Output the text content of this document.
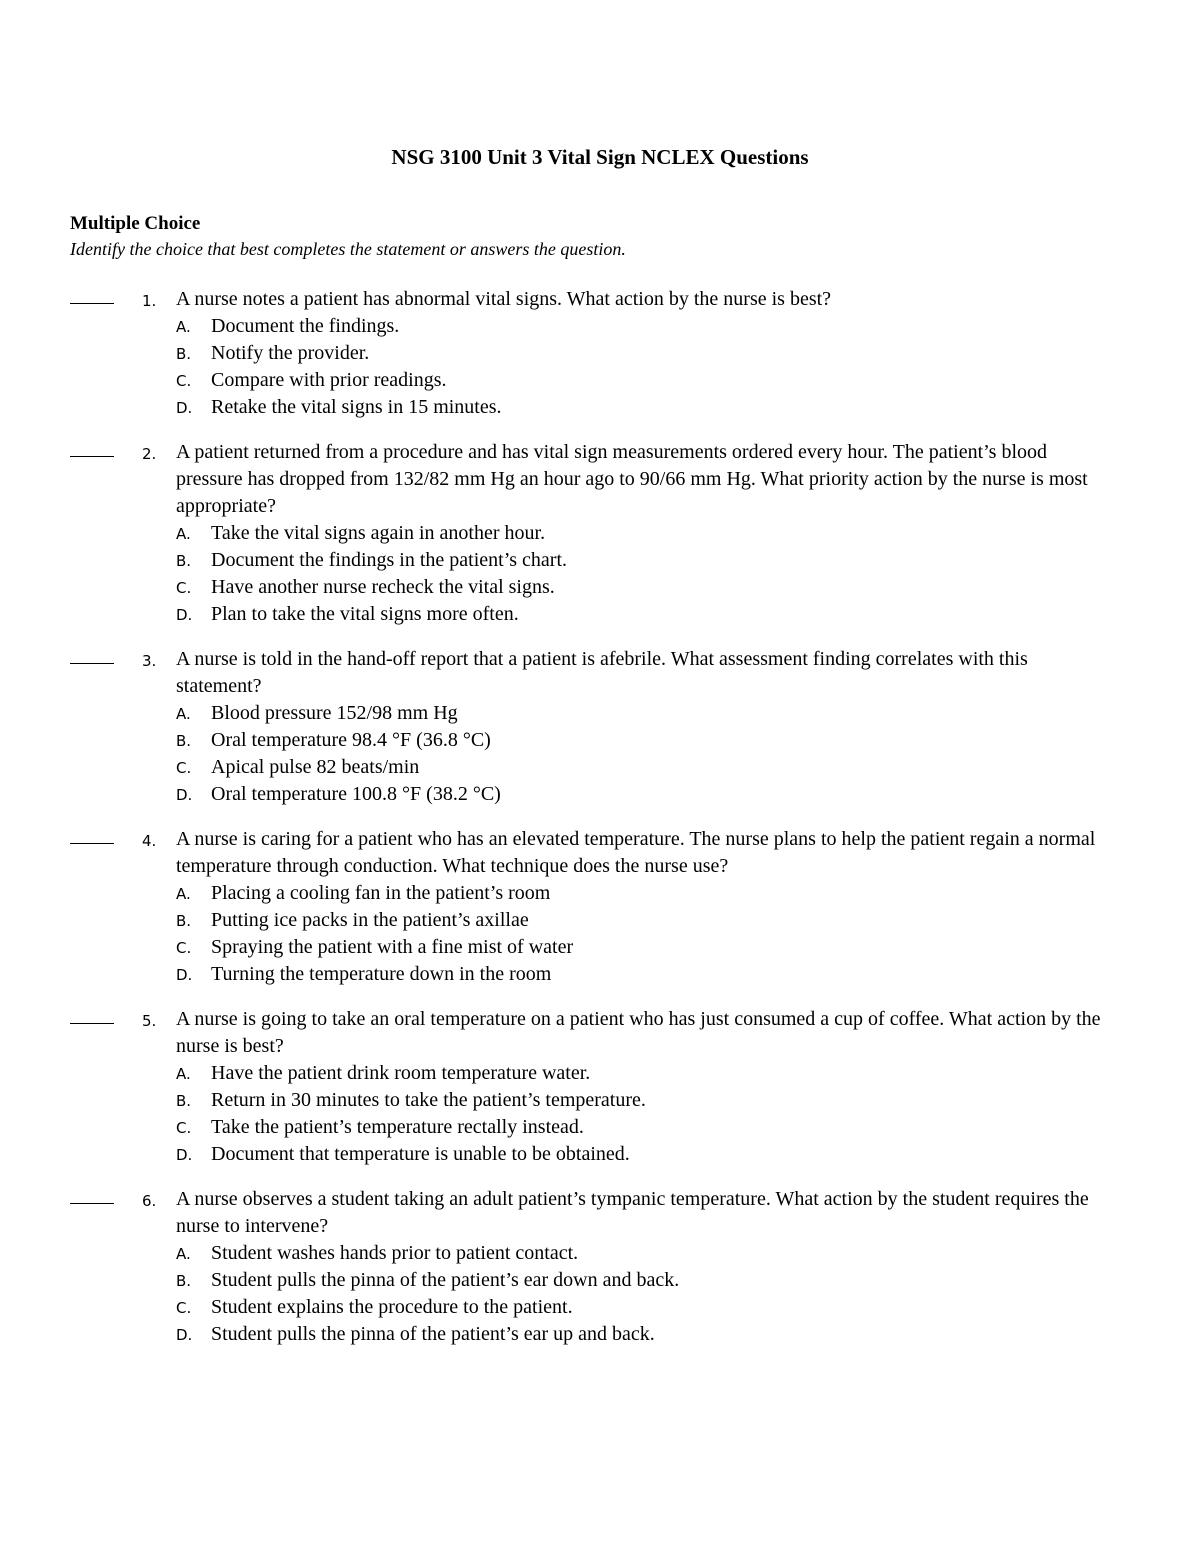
NSG 3100 Unit 3 Vital Sign NCLEX Questions
Multiple Choice
Identify the choice that best completes the statement or answers the question.
1. A nurse notes a patient has abnormal vital signs. What action by the nurse is best?
A. Document the findings.
B. Notify the provider.
C. Compare with prior readings.
D. Retake the vital signs in 15 minutes.
2. A patient returned from a procedure and has vital sign measurements ordered every hour. The patient’s blood pressure has dropped from 132/82 mm Hg an hour ago to 90/66 mm Hg. What priority action by the nurse is most appropriate?
A. Take the vital signs again in another hour.
B. Document the findings in the patient’s chart.
C. Have another nurse recheck the vital signs.
D. Plan to take the vital signs more often.
3. A nurse is told in the hand-off report that a patient is afebrile. What assessment finding correlates with this statement?
A. Blood pressure 152/98 mm Hg
B. Oral temperature 98.4 °F (36.8 °C)
C. Apical pulse 82 beats/min
D. Oral temperature 100.8 °F (38.2 °C)
4. A nurse is caring for a patient who has an elevated temperature. The nurse plans to help the patient regain a normal temperature through conduction. What technique does the nurse use?
A. Placing a cooling fan in the patient’s room
B. Putting ice packs in the patient’s axillae
C. Spraying the patient with a fine mist of water
D. Turning the temperature down in the room
5. A nurse is going to take an oral temperature on a patient who has just consumed a cup of coffee. What action by the nurse is best?
A. Have the patient drink room temperature water.
B. Return in 30 minutes to take the patient’s temperature.
C. Take the patient’s temperature rectally instead.
D. Document that temperature is unable to be obtained.
6. A nurse observes a student taking an adult patient’s tympanic temperature. What action by the student requires the nurse to intervene?
A. Student washes hands prior to patient contact.
B. Student pulls the pinna of the patient’s ear down and back.
C. Student explains the procedure to the patient.
D. Student pulls the pinna of the patient’s ear up and back.
